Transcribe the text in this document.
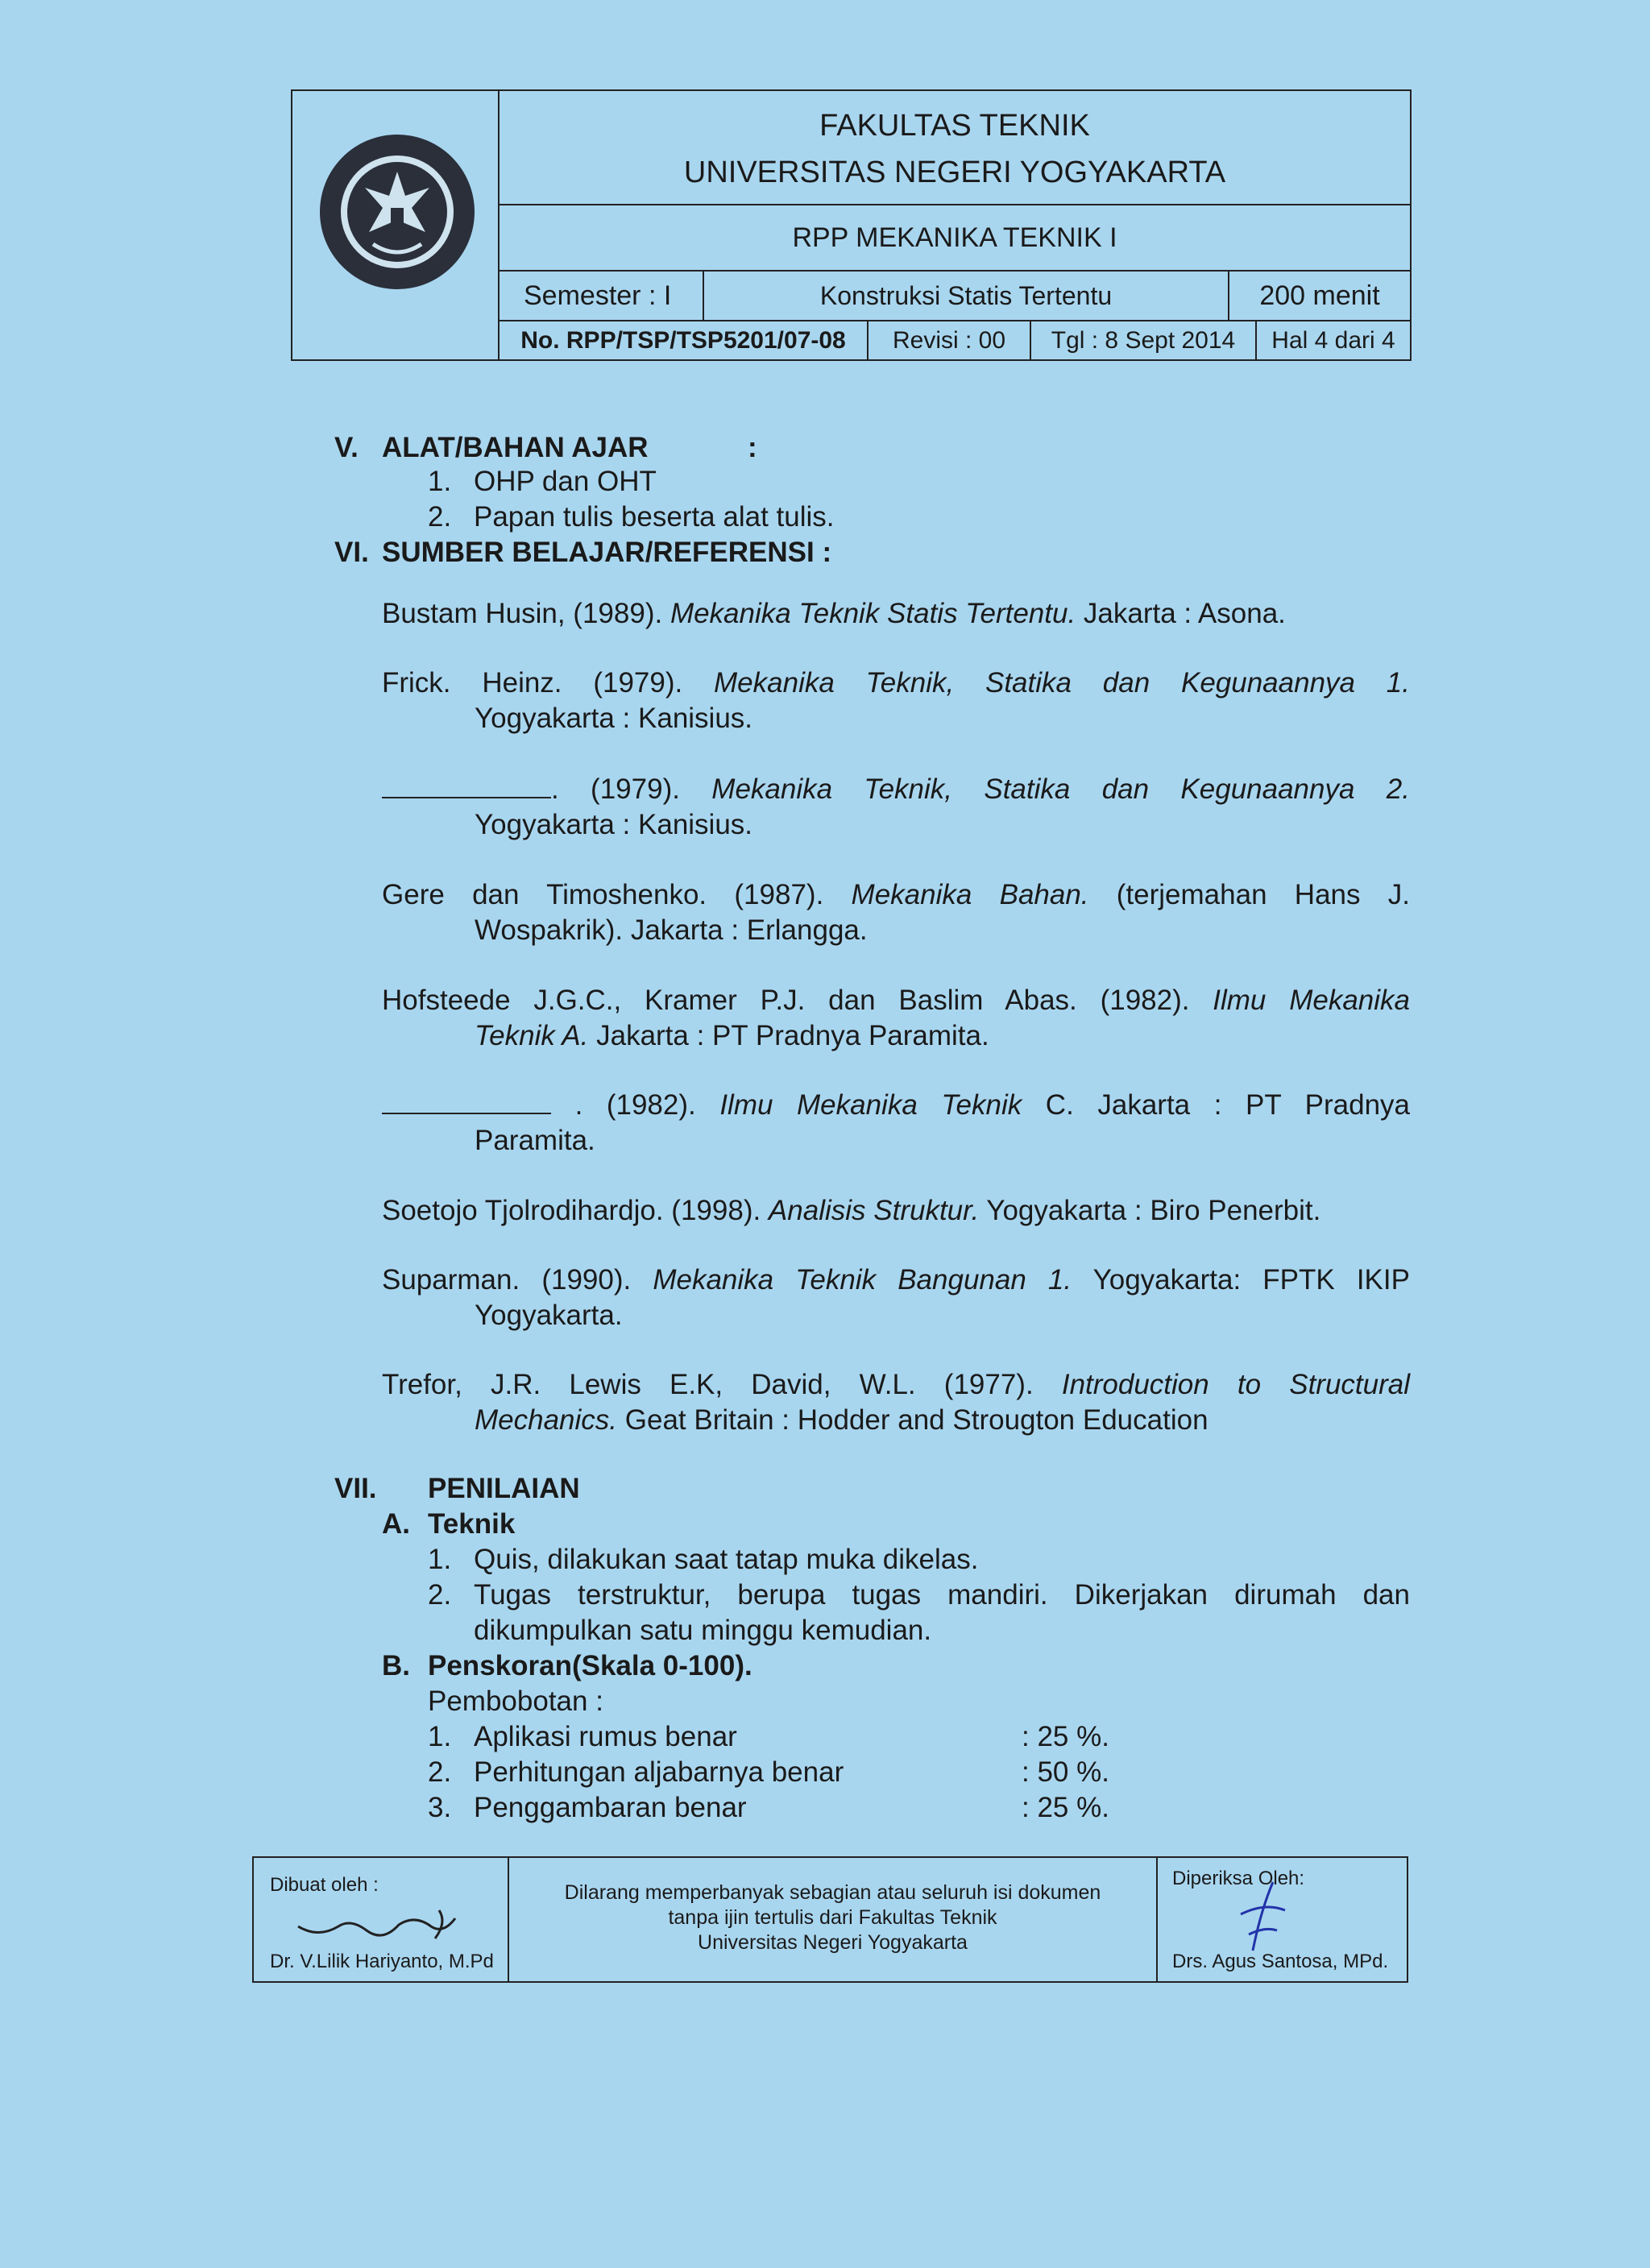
FAKULTAS TEKNIK
UNIVERSITAS NEGERI YOGYAKARTA
RPP MEKANIKA TEKNIK I
Semester : I	Konstruksi Statis Tertentu	200 menit
No. RPP/TSP/TSP5201/07-08	Revisi : 00	Tgl : 8 Sept 2014	Hal 4 dari 4
V. ALAT/BAHAN AJAR	:
1. OHP dan OHT
2. Papan tulis beserta alat tulis.
VI. SUMBER BELAJAR/REFERENSI :

Bustam Husin, (1989). Mekanika Teknik Statis Tertentu. Jakarta : Asona.

Frick. Heinz. (1979). Mekanika Teknik, Statika dan Kegunaannya 1.

Yogyakarta : Kanisius.

. (1979). Mekanika Teknik, Statika dan Kegunaannya 2.

Yogyakarta : Kanisius.

Gere dan Timoshenko. (1987). Mekanika Bahan. (terjemahan Hans J.

Wospakrik). Jakarta : Erlangga.

Hofsteede J.G.C., Kramer P.J. dan Baslim Abas. (1982). Ilmu Mekanika

Teknik A. Jakarta : PT Pradnya Paramita.

. (1982). Ilmu Mekanika Teknik C. Jakarta : PT Pradnya

Paramita.

Soetojo Tjolrodihardjo. (1998). Analisis Struktur. Yogyakarta : Biro Penerbit.

Suparman. (1990). Mekanika Teknik Bangunan 1. Yogyakarta: FPTK IKIP

Yogyakarta.

Trefor, J.R. Lewis E.K, David, W.L. (1977). Introduction to Structural

Mechanics. Geat Britain : Hodder and Strougton Education

VII. PENILAIAN
A. Teknik
1. Quis, dilakukan saat tatap muka dikelas.
2. Tugas terstruktur, berupa tugas mandiri. Dikerjakan dirumah dan
dikumpulkan satu minggu kemudian.
B. Penskoran(Skala 0-100).
Pembobotan :
1. Aplikasi rumus benar	: 25 %.
2. Perhitungan aljabarnya benar	: 50 %.
3. Penggambaran benar	: 25 %.
Dibuat oleh :
Dr. V.Lilik Hariyanto, M.Pd
Dilarang memperbanyak sebagian atau seluruh isi dokumen
tanpa ijin tertulis dari Fakultas Teknik
Universitas Negeri Yogyakarta
Diperiksa Oleh:
Drs. Agus Santosa, MPd.
